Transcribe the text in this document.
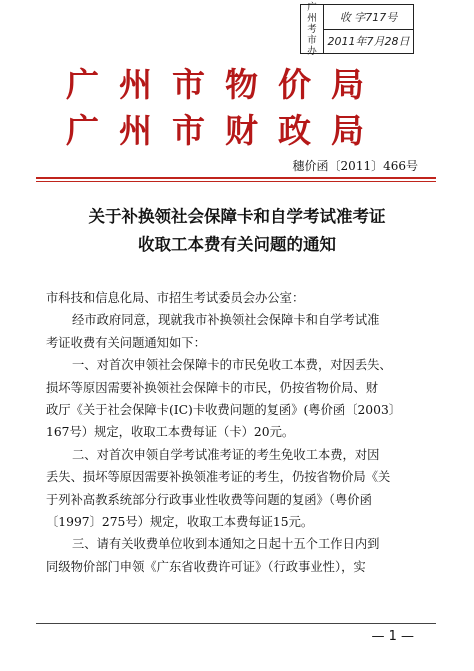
广
州
考
市
办
收 字717号
2011年7月28日
广州市物价局
广州市财政局
穗价函〔2011〕466号
关于补换领社会保障卡和自学考试准考证
收取工本费有关问题的通知

市科技和信息化局、市招生考试委员会办公室：

经市政府同意，现就我市补换领社会保障卡和自学考试准

考证收费有关问题通知如下：

一、对首次申领社会保障卡的市民免收工本费，对因丢失、

损坏等原因需要补换领社会保障卡的市民，仍按省物价局、财

政厅《关于社会保障卡(IC)卡收费问题的复函》(粤价函〔2003〕

167号）规定，收取工本费每证（卡）20元。

二、对首次申领自学考试准考证的考生免收工本费，对因

丢失、损坏等原因需要补换领准考证的考生，仍按省物价局《关

于列补高教系统部分行政事业性收费等问题的复函》（粤价函

〔1997〕275号）规定，收取工本费每证15元。

三、请有关收费单位收到本通知之日起十五个工作日内到

同级物价部门申领《广东省收费许可证》（行政事业性），实

— 1 —
